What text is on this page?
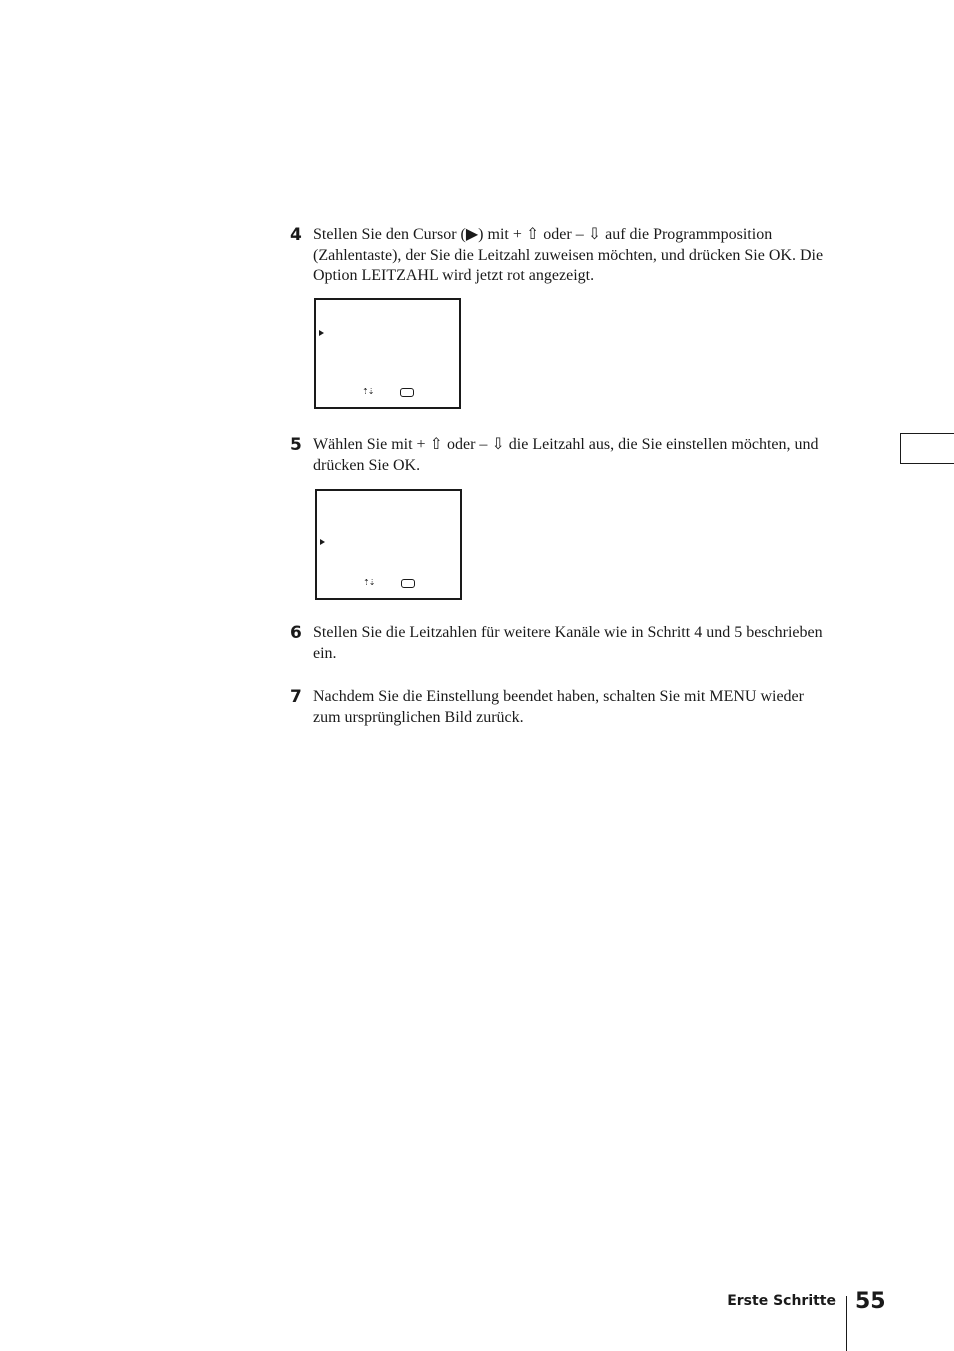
4 Stellen Sie den Cursor (▶) mit + ⇧ oder – ⇩ auf die Programmposition (Zahlentaste), der Sie die Leitzahl zuweisen möchten, und drücken Sie OK. Die Option LEITZAHL wird jetzt rot angezeigt.
⇡⇣
5 Wählen Sie mit + ⇧ oder – ⇩ die Leitzahl aus, die Sie einstellen möchten, und drücken Sie OK.
⇡⇣
6 Stellen Sie die Leitzahlen für weitere Kanäle wie in Schritt 4 und 5 beschrieben ein.
7 Nachdem Sie die Einstellung beendet haben, schalten Sie mit MENU wieder zum ursprünglichen Bild zurück.
Erste Schritte 55
